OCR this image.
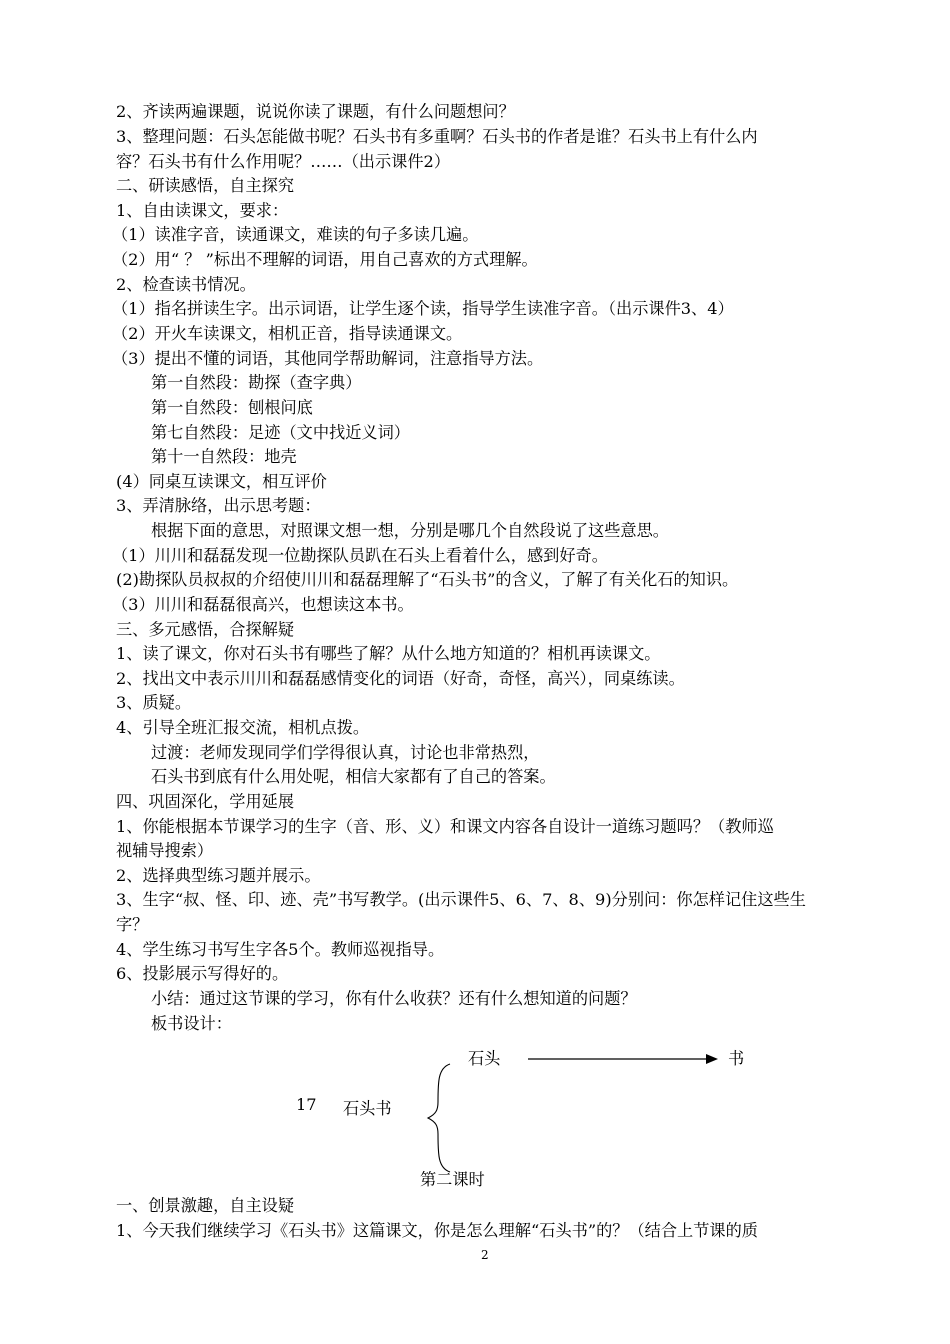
2、齐读两遍课题，说说你读了课题，有什么问题想问？
3、整理问题：石头怎能做书呢？石头书有多重啊？石头书的作者是谁？石头书上有什么内
容？石头书有什么作用呢？……（出示课件2）
二、研读感悟，自主探究
1、自由读课文，要求：
（1）读准字音，读通课文，难读的句子多读几遍。
（2）用“ ？ ”标出不理解的词语，用自己喜欢的方式理解。
2、检查读书情况。
（1）指名拼读生字。出示词语，让学生逐个读，指导学生读准字音。（出示课件3、4）
（2）开火车读课文，相机正音，指导读通课文。
（3）提出不懂的词语，其他同学帮助解词，注意指导方法。
第一自然段：勘探（查字典）
第一自然段：刨根问底
第七自然段：足迹（文中找近义词）
第十一自然段：地壳
(4）同桌互读课文，相互评价
3、弄清脉络，出示思考题：
根据下面的意思，对照课文想一想，分别是哪几个自然段说了这些意思。
（1）川川和磊磊发现一位勘探队员趴在石头上看着什么，感到好奇。
(2)勘探队员叔叔的介绍使川川和磊磊理解了“石头书”的含义，了解了有关化石的知识。
（3）川川和磊磊很高兴，也想读这本书。
三、多元感悟，合探解疑
1、读了课文，你对石头书有哪些了解？从什么地方知道的？相机再读课文。
2、找出文中表示川川和磊磊感情变化的词语（好奇，奇怪，高兴），同桌练读。
3、质疑。
4、引导全班汇报交流，相机点拨。
过渡：老师发现同学们学得很认真，讨论也非常热烈，
石头书到底有什么用处呢，相信大家都有了自己的答案。
四、巩固深化，学用延展
1、你能根据本节课学习的生字（音、形、义）和课文内容各自设计一道练习题吗？（教师巡
视辅导搜索）
2、选择典型练习题并展示。
3、生字“叔、怪、印、迹、壳”书写教学。(出示课件5、6、7、8、9)分别问：你怎样记住这些生
字？
4、学生练习书写生字各5个。教师巡视指导。
6、投影展示写得好的。
小结：通过这节课的学习，你有什么收获？还有什么想知道的问题？
板书设计：
石头	书
17 石头书
第二课时
一、创景激趣，自主设疑
1、今天我们继续学习《石头书》这篇课文，你是怎么理解“石头书”的？（结合上节课的质
2
